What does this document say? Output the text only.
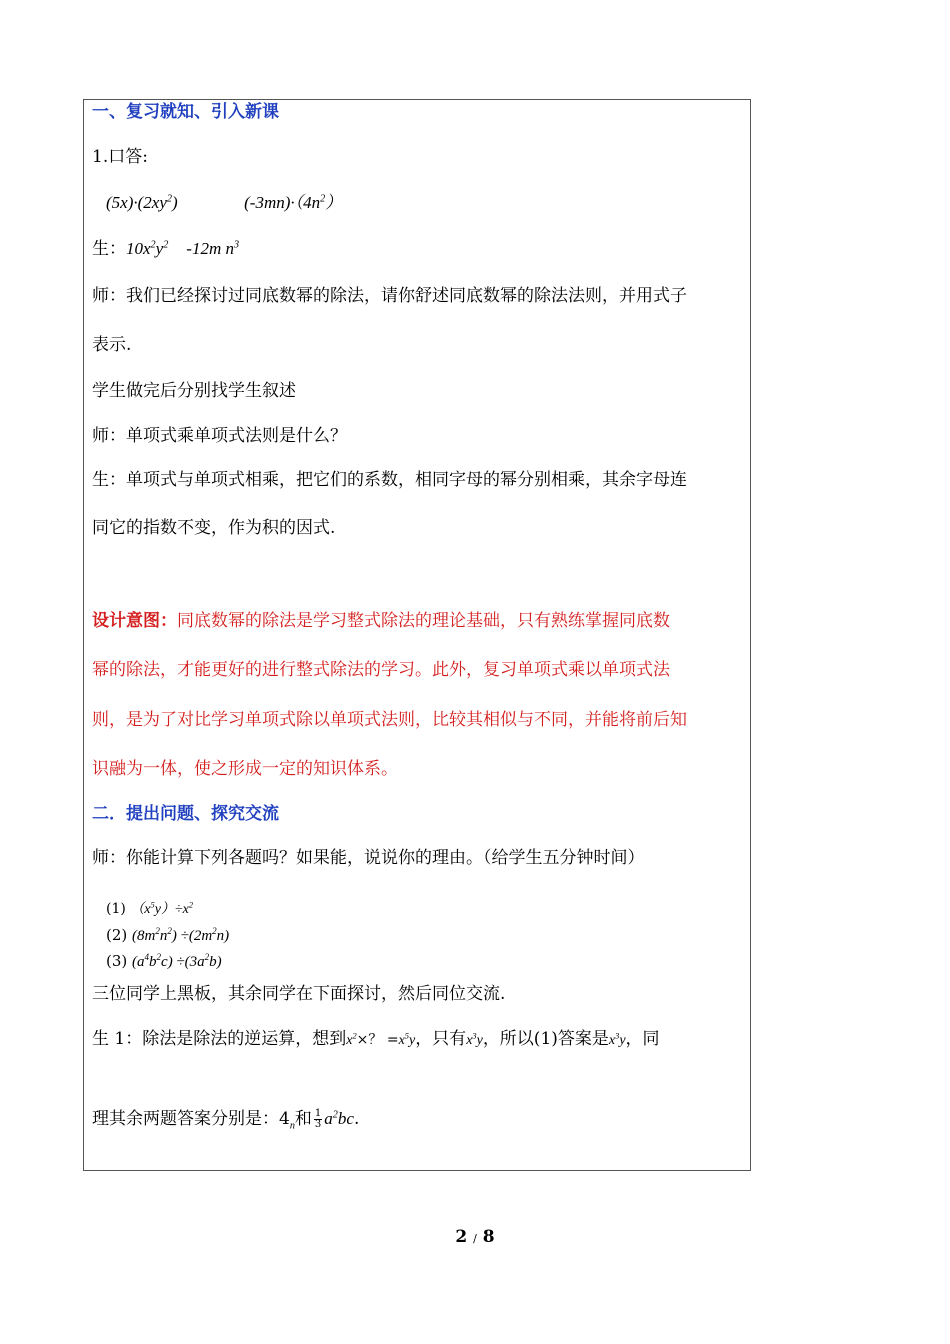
一、复习就知、引入新课
1.口答:
$(5x)\cdot(2xy^2)$	$(-3mn)\cdot(4n^2)$
生：$10x^2y^2$ -12m $n^3$
师：我们已经探讨过同底数幂的除法，请你舒述同底数幂的除法法则，并用式子
表示.
学生做完后分别找学生叙述
师：单项式乘单项式法则是什么？
生：单项式与单项式相乘，把它们的系数，相同字母的幂分别相乘，其余字母连
同它的指数不变，作为积的因式.
设计意图：同底数幂的除法是学习整式除法的理论基础，只有熟练掌握同底数
幂的除法，才能更好的进行整式除法的学习。此外，复习单项式乘以单项式法
则，是为了对比学习单项式除以单项式法则，比较其相似与不同，并能将前后知
识融为一体，使之形成一定的知识体系。
二．提出问题、探究交流
师：你能计算下列各题吗？如果能，说说你的理由。（给学生五分钟时间）
(1) $(x^5y)\div x^2$
(2) $(8m^2n^2) \div(2m^2n)$
(3) $(a^4b^2c) \div(3a^2b)$
三位同学上黑板，其余同学在下面探讨，然后同位交流.
生 1：除法是除法的逆运算，想到$x^2\times$？ $=x^5y$，只有$x^3y$，所以(1)答案是$x^3y$，同
理其余两题答案分别是：$4_n$和 $\frac{1}{3} a^2bc$.
2 / 8
